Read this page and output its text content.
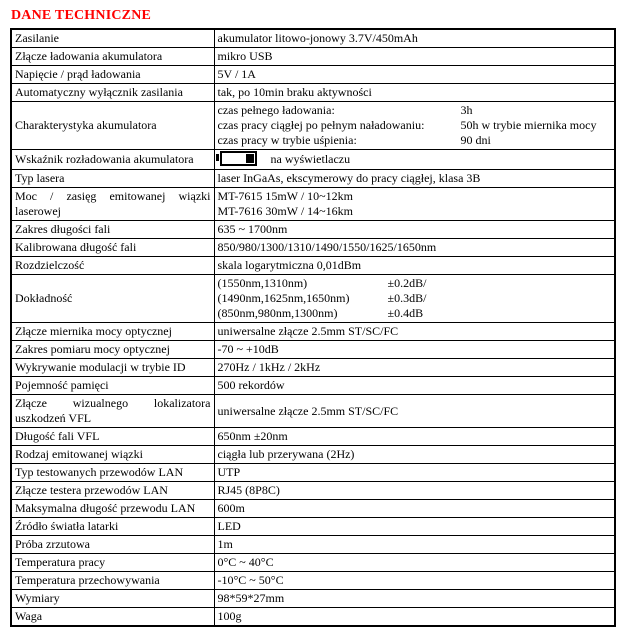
DANE TECHNICZNE
Zasilanie	akumulator litowo-jonowy 3.7V/450mAh
Złącze ładowania akumulatora	mikro USB
Napięcie / prąd ładowania	5V / 1A
Automatyczny wyłącznik zasilania	tak, po 10min braku aktywności
Charakterystyka akumulatora	
czas pełnego ładowania:	3h
czas pracy ciągłej po pełnym naładowaniu:	50h w trybie miernika mocy
czas pracy w trybie uśpienia:	90 dni

Wskaźnik rozładowania akumulatora	na wyświetlaczu
Typ lasera	laser InGaAs, ekscymerowy do pracy ciągłej, klasa 3B
Moc / zasięg emitowanej wiązki laserowej	MT-7615 15mW / 10~12km
MT-7616 30mW / 14~16km

Zakres długości fali	635 ~ 1700nm
Kalibrowana długość fali	850/980/1300/1310/1490/1550/1625/1650nm
Rozdzielczość	skala logarytmiczna 0,01dBm
Dokładność	
(1550nm,1310nm)	±0.2dB/
(1490nm,1625nm,1650nm)	±0.3dB/
(850nm,980nm,1300nm)	±0.4dB

Złącze miernika mocy optycznej	uniwersalne złącze 2.5mm ST/SC/FC
Zakres pomiaru mocy optycznej	-70 ~ +10dB
Wykrywanie modulacji w trybie ID	270Hz / 1kHz / 2kHz
Pojemność pamięci	500 rekordów
Złącze wizualnego lokalizatora uszkodzeń VFL	uniwersalne złącze 2.5mm ST/SC/FC
Długość fali VFL	650nm ±20nm
Rodzaj emitowanej wiązki	ciągła lub przerywana (2Hz)
Typ testowanych przewodów LAN	UTP
Złącze testera przewodów LAN	RJ45 (8P8C)
Maksymalna długość przewodu LAN	600m
Źródło światła latarki	LED
Próba zrzutowa	1m
Temperatura pracy	0°C ~ 40°C
Temperatura przechowywania	-10°C ~ 50°C
Wymiary	98*59*27mm
Waga	100g
